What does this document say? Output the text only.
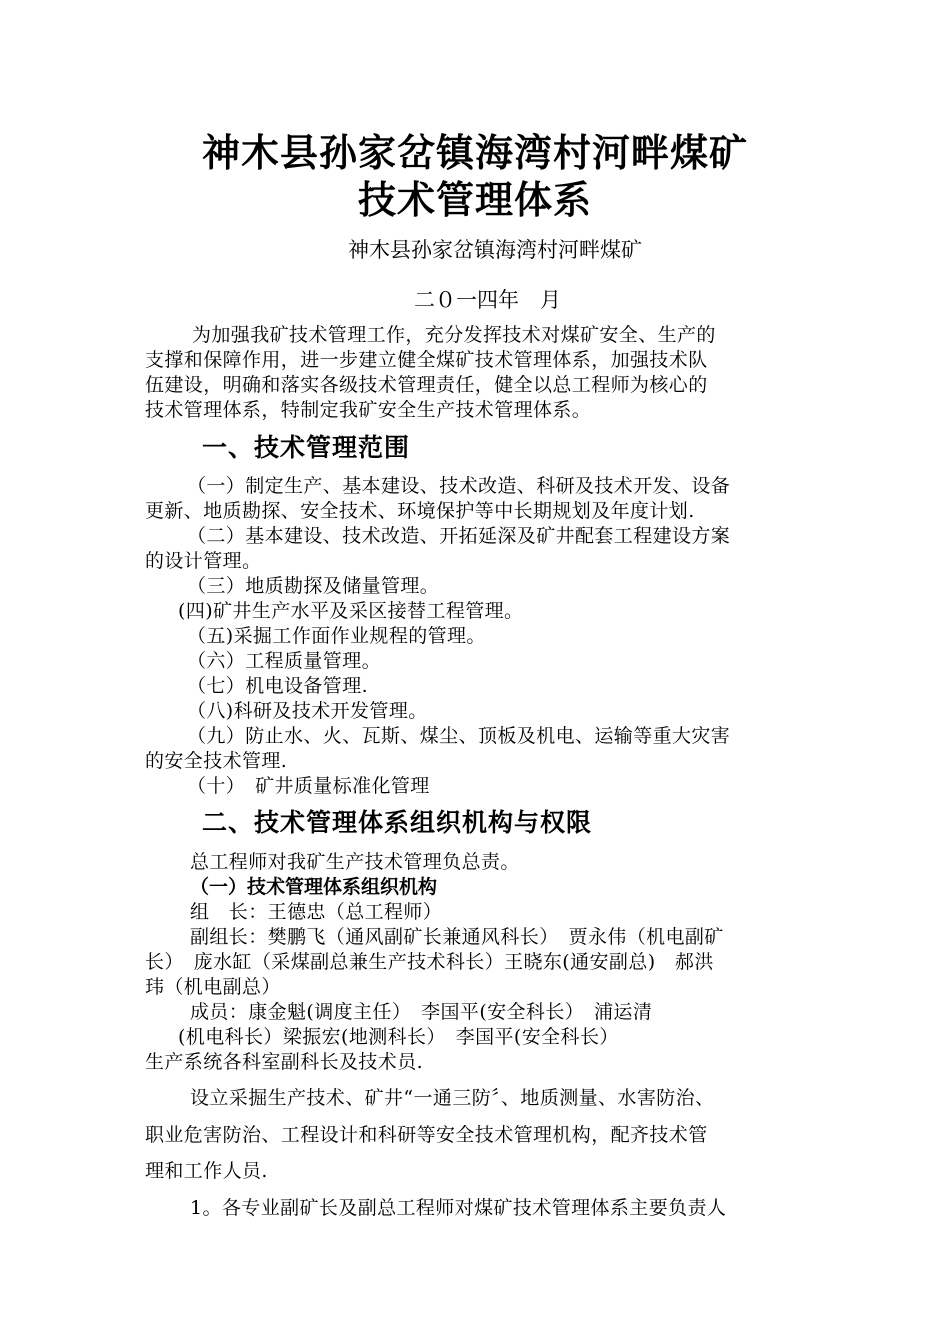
神木县孙家岔镇海湾村河畔煤矿
技术管理体系
神木县孙家岔镇海湾村河畔煤矿
二０一四年　月
为加强我矿技术管理工作，充分发挥技术对煤矿安全、生产的
支撑和保障作用，进一步建立健全煤矿技术管理体系，加强技术队
伍建设，明确和落实各级技术管理责任，健全以总工程师为核心的
技术管理体系，特制定我矿安全生产技术管理体系。
一、技术管理范围
（一）制定生产、基本建设、技术改造、科研及技术开发、设备
更新、地质勘探、安全技术、环境保护等中长期规划及年度计划.
（二）基本建设、技术改造、开拓延深及矿井配套工程建设方案
的设计管理。
（三）地质勘探及储量管理。
(四)矿井生产水平及采区接替工程管理。
（五)采掘工作面作业规程的管理。
（六）工程质量管理。
（七）机电设备管理.
（八)科研及技术开发管理。
（九）防止水、火、瓦斯、煤尘、顶板及机电、运输等重大灾害
的安全技术管理.
（十）　矿井质量标准化管理
二、技术管理体系组织机构与权限
总工程师对我矿生产技术管理负总责。
（一）技术管理体系组织机构
组　长：王德忠（总工程师）
副组长：樊鹏飞（通风副矿长兼通风科长）　贾永伟（机电副矿
长）　庞水缸（采煤副总兼生产技术科长）王晓东(通安副总)　郝洪
玮（机电副总）
成员：康金魁(调度主任）　李国平(安全科长）　浦运清
(机电科长）梁振宏(地测科长）　李国平(安全科长）
生产系统各科室副科长及技术员.
设立采掘生产技术、矿井“一通三防〞、地质测量、水害防治、
职业危害防治、工程设计和科研等安全技术管理机构，配齐技术管
理和工作人员.
1。各专业副矿长及副总工程师对煤矿技术管理体系主要负责人
